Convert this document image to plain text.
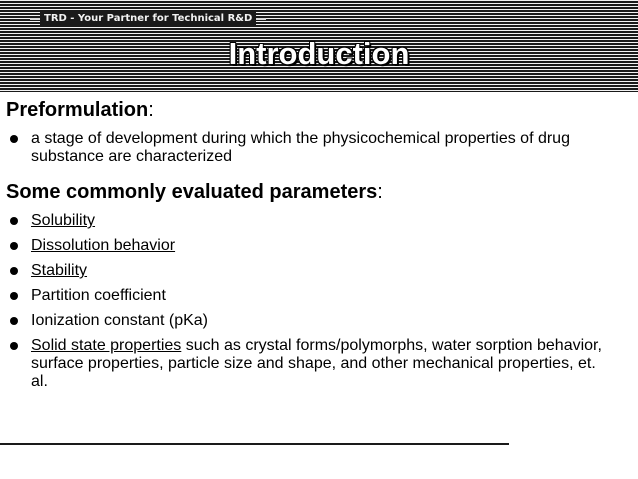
TRD - Your Partner for Technical R&D
Introduction

Preformulation:

a stage of development during which the physicochemical properties of drug substance are characterized

Some commonly evaluated parameters:

Solubility
Dissolution behavior
Stability
Partition coefficient
Ionization constant (pKa)
Solid state properties such as crystal forms/polymorphs, water sorption behavior, surface properties, particle size and shape, and other mechanical properties, et. al.
